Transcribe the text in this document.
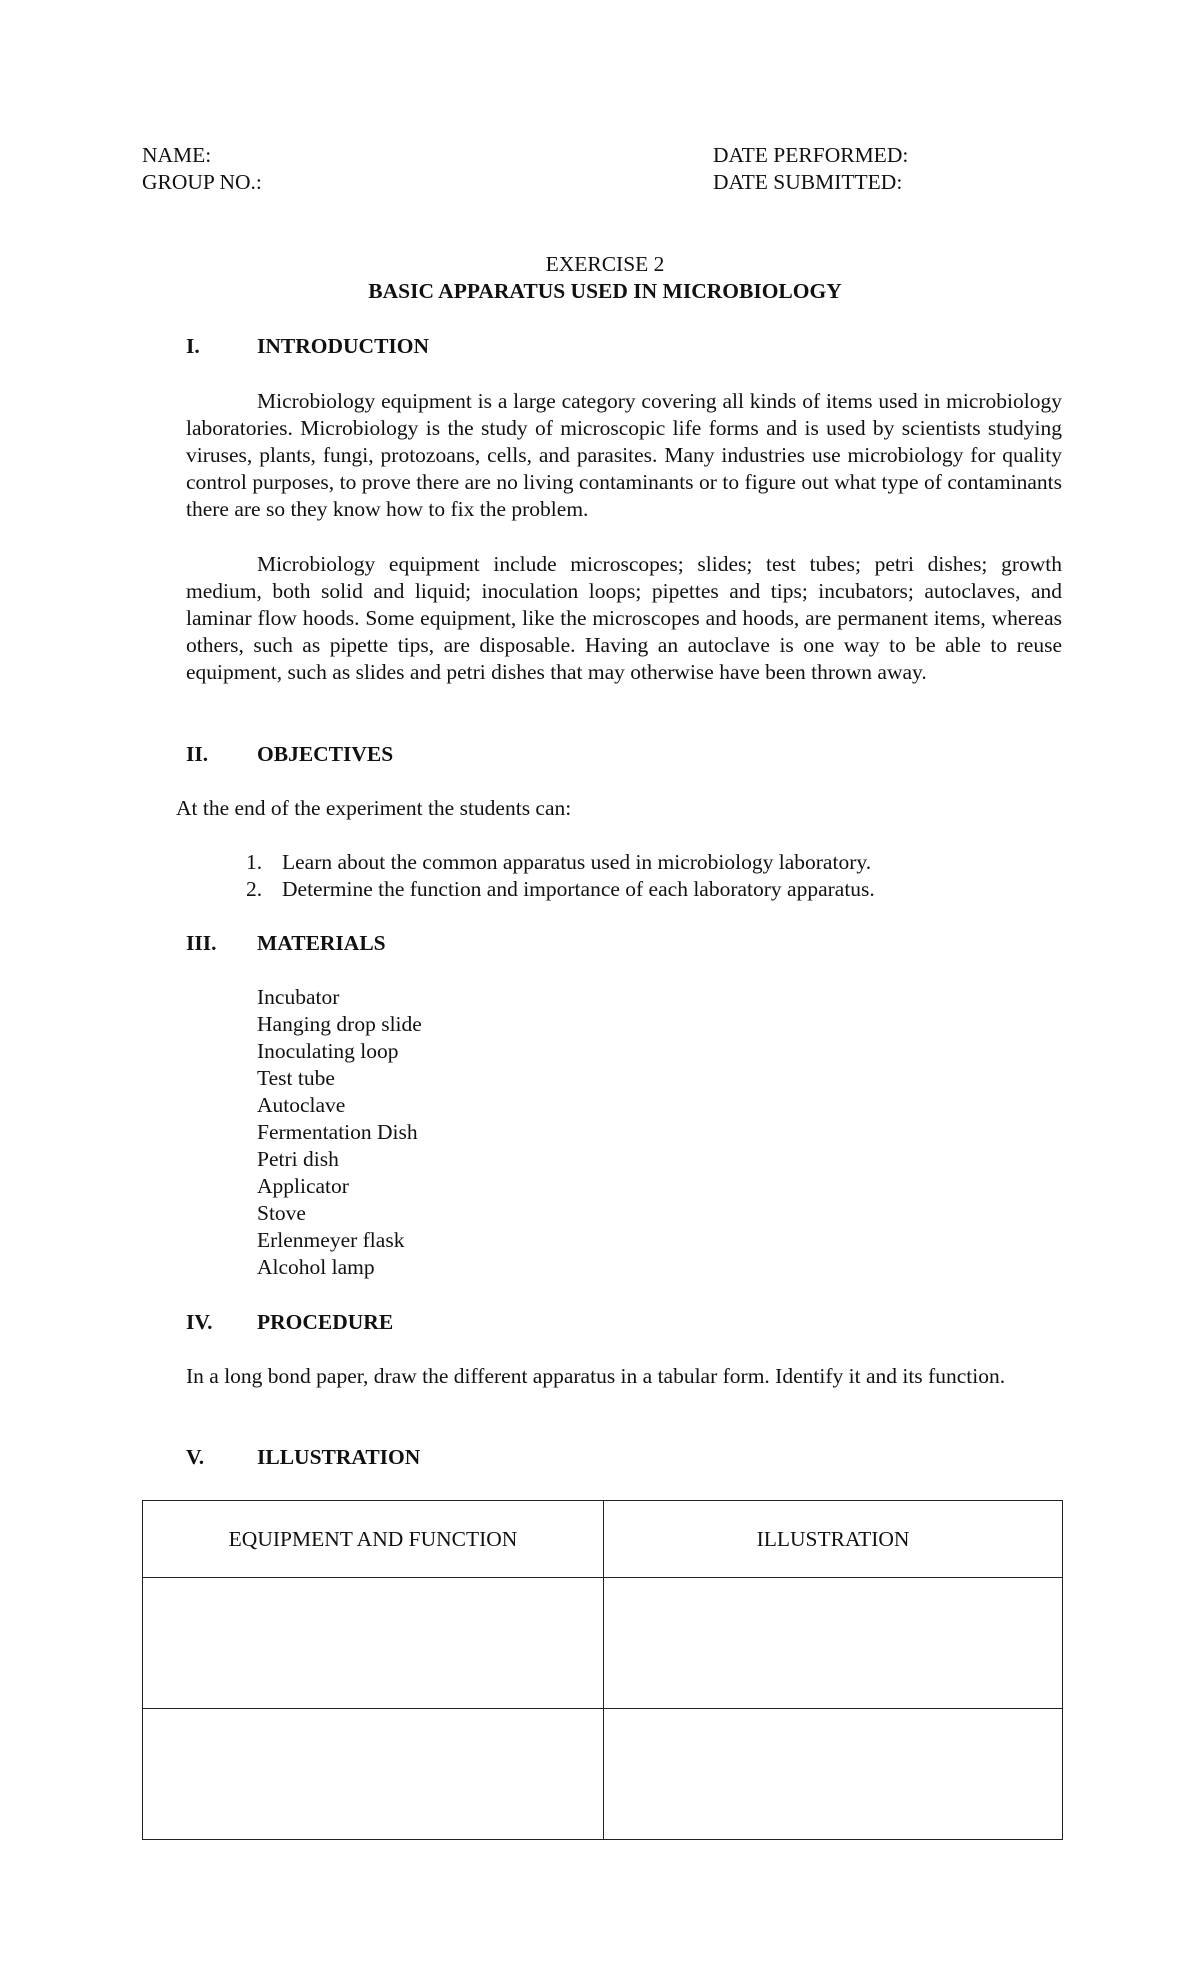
NAME:
GROUP NO.:
DATE PERFORMED:
DATE SUBMITTED:
EXERCISE 2
BASIC APPARATUS USED IN MICROBIOLOGY
I.	INTRODUCTION

Microbiology equipment is a large category covering all kinds of items used in microbiology laboratories. Microbiology is the study of microscopic life forms and is used by scientists studying viruses, plants, fungi, protozoans, cells, and parasites. Many industries use microbiology for quality control purposes, to prove there are no living contaminants or to figure out what type of contaminants there are so they know how to fix the problem.

Microbiology equipment include microscopes; slides; test tubes; petri dishes; growth medium, both solid and liquid; inoculation loops; pipettes and tips; incubators; autoclaves, and laminar flow hoods. Some equipment, like the microscopes and hoods, are permanent items, whereas others, such as pipette tips, are disposable. Having an autoclave is one way to be able to reuse equipment, such as slides and petri dishes that may otherwise have been thrown away.

II. OBJECTIVES
At the end of the experiment the students can:
1. Learn about the common apparatus used in microbiology laboratory.
2. Determine the function and importance of each laboratory apparatus.
III. MATERIALS
Incubator
Hanging drop slide
Inoculating loop
Test tube
Autoclave
Fermentation Dish
Petri dish
Applicator
Stove
Erlenmeyer flask
Alcohol lamp
IV. PROCEDURE
In a long bond paper, draw the different apparatus in a tabular form. Identify it and its function.
V. ILLUSTRATION
EQUIPMENT AND FUNCTION	ILLUSTRATION
